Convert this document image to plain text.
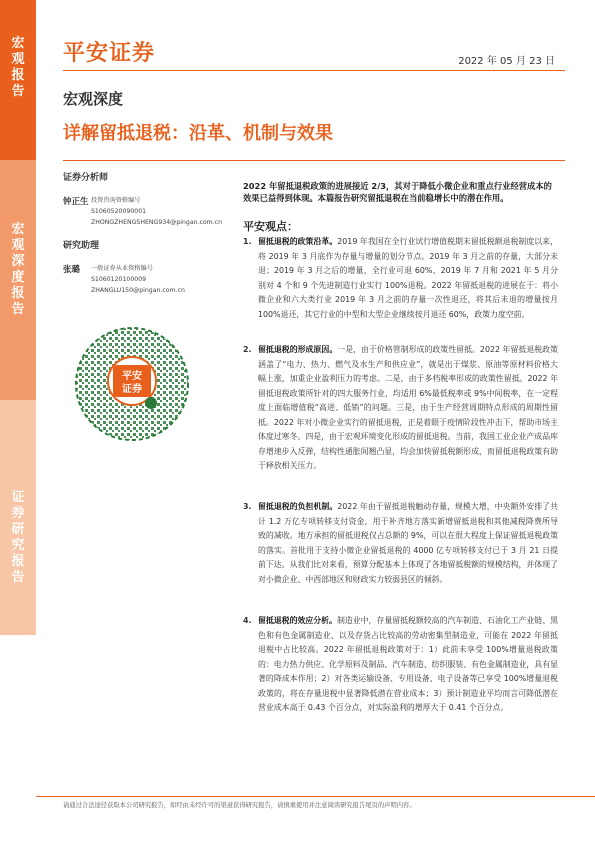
宏
观
报
告
宏
观
深
度
报
告
证
券
研
究
报
告
平安证券	2022 年 05 月 23 日
宏观深度
详解留抵退税：沿革、机制与效果
证券分析师
钟正生 投资咨询资格编号
S1060520090001
ZHONGZHENGSHENG934@pingan.com.cn
研究助理
张璐	一般证券从业资格编号
S1060120100009
ZHANGLU150@pingan.com.cn
平安
证券
2022 年留抵退税政策的进展接近 2/3，其对于降低小微企业和重点行业经营成本的效果已益得到体现。本篇报告研究留抵退税在当前稳增长中的潜在作用。
平安观点：
1. 留抵退税的政策沿革。2019 年我国在全行业试行增值税期末留抵税额退税制度以来，将 2019 年 3 月底作为存量与增量的划分节点。2019 年 3 月之前的存量，大部分未退；2019 年 3 月之后的增量，全行业可退 60%、2019 年 7 月和 2021 年 5 月分别对 4 个和 9 个先进制造行业实行 100%退税。2022 年留抵退税的进展在于：将小微企业和六大类行业 2019 年 3 月之前的存量一次性退还，将其后未退的增量按月 100%退还，其它行业的中型和大型企业继续按月退还 60%，政策力度空前。
2. 留抵退税的形成原因。一是，由于价格管制形成的政策性留抵。2022 年留抵退税政策涵盖了“电力、热力、燃气及水生产和供应业”，就是出于煤浆、原油等原材料价格大幅上涨，加重企业盈利压力的考虑。二是，由于多档税率形成的政策性留抵。2022 年留抵退税政策所针对的四大服务行业，均适用 6%最低税率或 9%中间税率，在一定程度上面临增值税“高进、低销”的问题。三是，由于生产经营周期特点形成的周期性留抵。2022 年对小微企业实行的留抵退税，正是着眼于疫情阶段性冲击下，帮助市场主体度过寒冬。四是，由于宏观环境变化形成的留抵退税。当前，我国工业企业产成品库存增速步入反弹，结构性通胀间翘凸显，均会加快留抵税额形成，而留抵退税政策有助于释放相关压力。
3. 留抵退税的负担机制。2022 年由于留抵退税触动存量，规模大增，中央额外安排了共计 1.2 万亿专项转移支付资金，用于补齐地方落实新增留抵退税和其他减税降费所导致的减收。地方承担的留抵退税仅占总额的 9%，可以在很大程度上保证留抵退税政策的落实。首批用于支持小微企业留抵退税的 4000 亿专项转移支付已于 3 月 21 日提前下达。从我们比对来看，预算分配基本上体现了各地留抵税额的规模结构，并体现了对小微企业、中西部地区和财政实力较弱县区的倾斜。
4. 留抵退税的效应分析。制造业中，存量留抵税额较高的汽车制造、石油化工产业链、黑色和有色金属制造业、以及存货占比较高的劳动密集型制造业，可能在 2022 年留抵退税中占比较高。2022 年留抵退税政策对于：1）此前未享受 100%增量退税政策的：电力热力供应、化学原料及制品、汽车制造、纺织服装、有色金属制造业，具有显著的降成本作用；2）对各类运输设备、专用设备、电子设备等已享受 100%增量退税政策的，将在存量退税中显著降低潜在营业成本；3）预计制造业平均而言可降低潜在营业成本高于 0.43 个百分点，对实际盈利的增厚大于 0.41 个百分点。
请通过合法途径获取本公司研究报告，如经由未经许可的渠道获得研究报告，请慎重使用并注意阅读研究报告尾页的声明内容。
